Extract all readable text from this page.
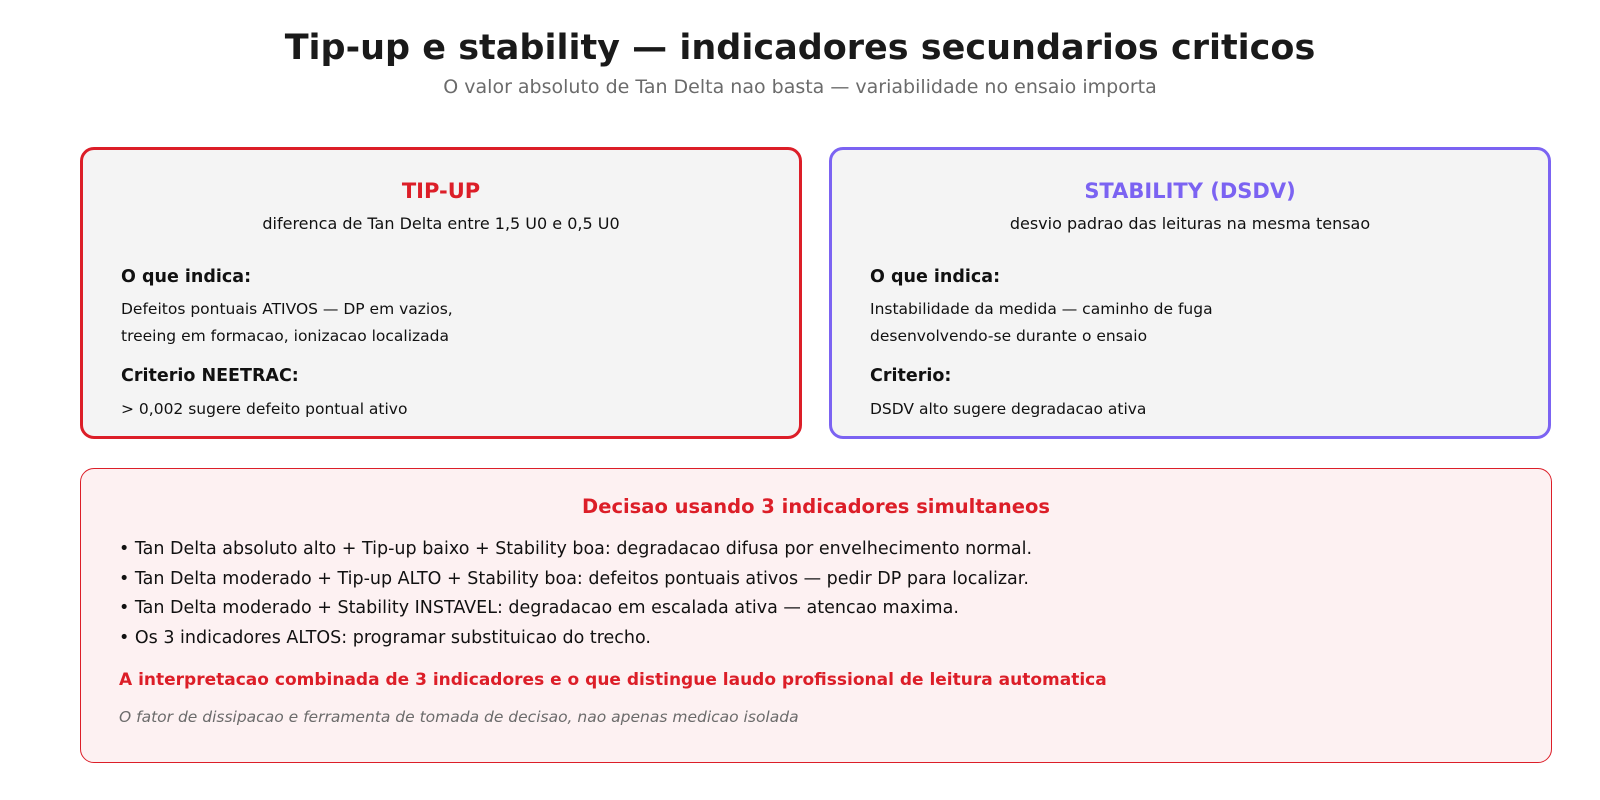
Tip-up e stability — indicadores secundarios criticos
O valor absoluto de Tan Delta nao basta — variabilidade no ensaio importa
TIP-UP
diferenca de Tan Delta entre 1,5 U0 e 0,5 U0
O que indica:
Defeitos pontuais ATIVOS — DP em vazios,
treeing em formacao, ionizacao localizada
Criterio NEETRAC:
> 0,002 sugere defeito pontual ativo
STABILITY (DSDV)
desvio padrao das leituras na mesma tensao
O que indica:
Instabilidade da medida — caminho de fuga
desenvolvendo-se durante o ensaio
Criterio:
DSDV alto sugere degradacao ativa
Decisao usando 3 indicadores simultaneos
• Tan Delta absoluto alto + Tip-up baixo + Stability boa: degradacao difusa por envelhecimento normal.
• Tan Delta moderado + Tip-up ALTO + Stability boa: defeitos pontuais ativos — pedir DP para localizar.
• Tan Delta moderado + Stability INSTAVEL: degradacao em escalada ativa — atencao maxima.
• Os 3 indicadores ALTOS: programar substituicao do trecho.
A interpretacao combinada de 3 indicadores e o que distingue laudo profissional de leitura automatica
O fator de dissipacao e ferramenta de tomada de decisao, nao apenas medicao isolada
